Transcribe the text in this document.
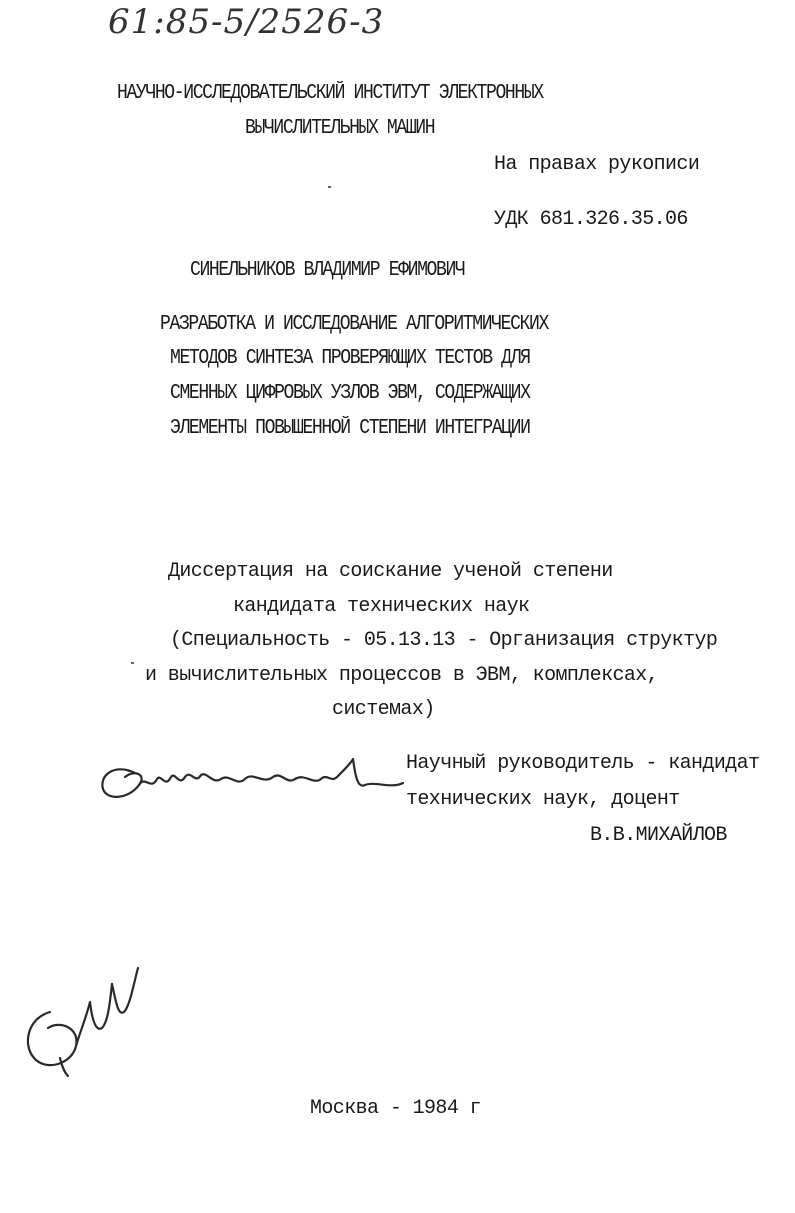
61:85-5/2526-3
НАУЧНО-ИССЛЕДОВАТЕЛЬСКИЙ ИНСТИТУТ ЭЛЕКТРОННЫХ
ВЫЧИСЛИТЕЛЬНЫХ МАШИН
На правах рукописи
УДК 681.326.35.06
СИНЕЛЬНИКОВ ВЛАДИМИР ЕФИМОВИЧ
РАЗРАБОТКА И ИССЛЕДОВАНИЕ АЛГОРИТМИЧЕСКИХ
МЕТОДОВ СИНТЕЗА ПРОВЕРЯЮЩИХ ТЕСТОВ ДЛЯ
СМЕННЫХ ЦИФРОВЫХ УЗЛОВ ЭВМ, СОДЕРЖАЩИХ
ЭЛЕМЕНТЫ ПОВЫШЕННОЙ СТЕПЕНИ ИНТЕГРАЦИИ
Диссертация на соискание ученой степени
кандидата технических наук
(Специальность - 05.13.13 - Организация структур
и вычислительных процессов в ЭВМ, комплексах,
системах)
Научный руководитель - кандидат
технических наук, доцент
В.В.МИХАЙЛОВ
Москва - 1984 г
